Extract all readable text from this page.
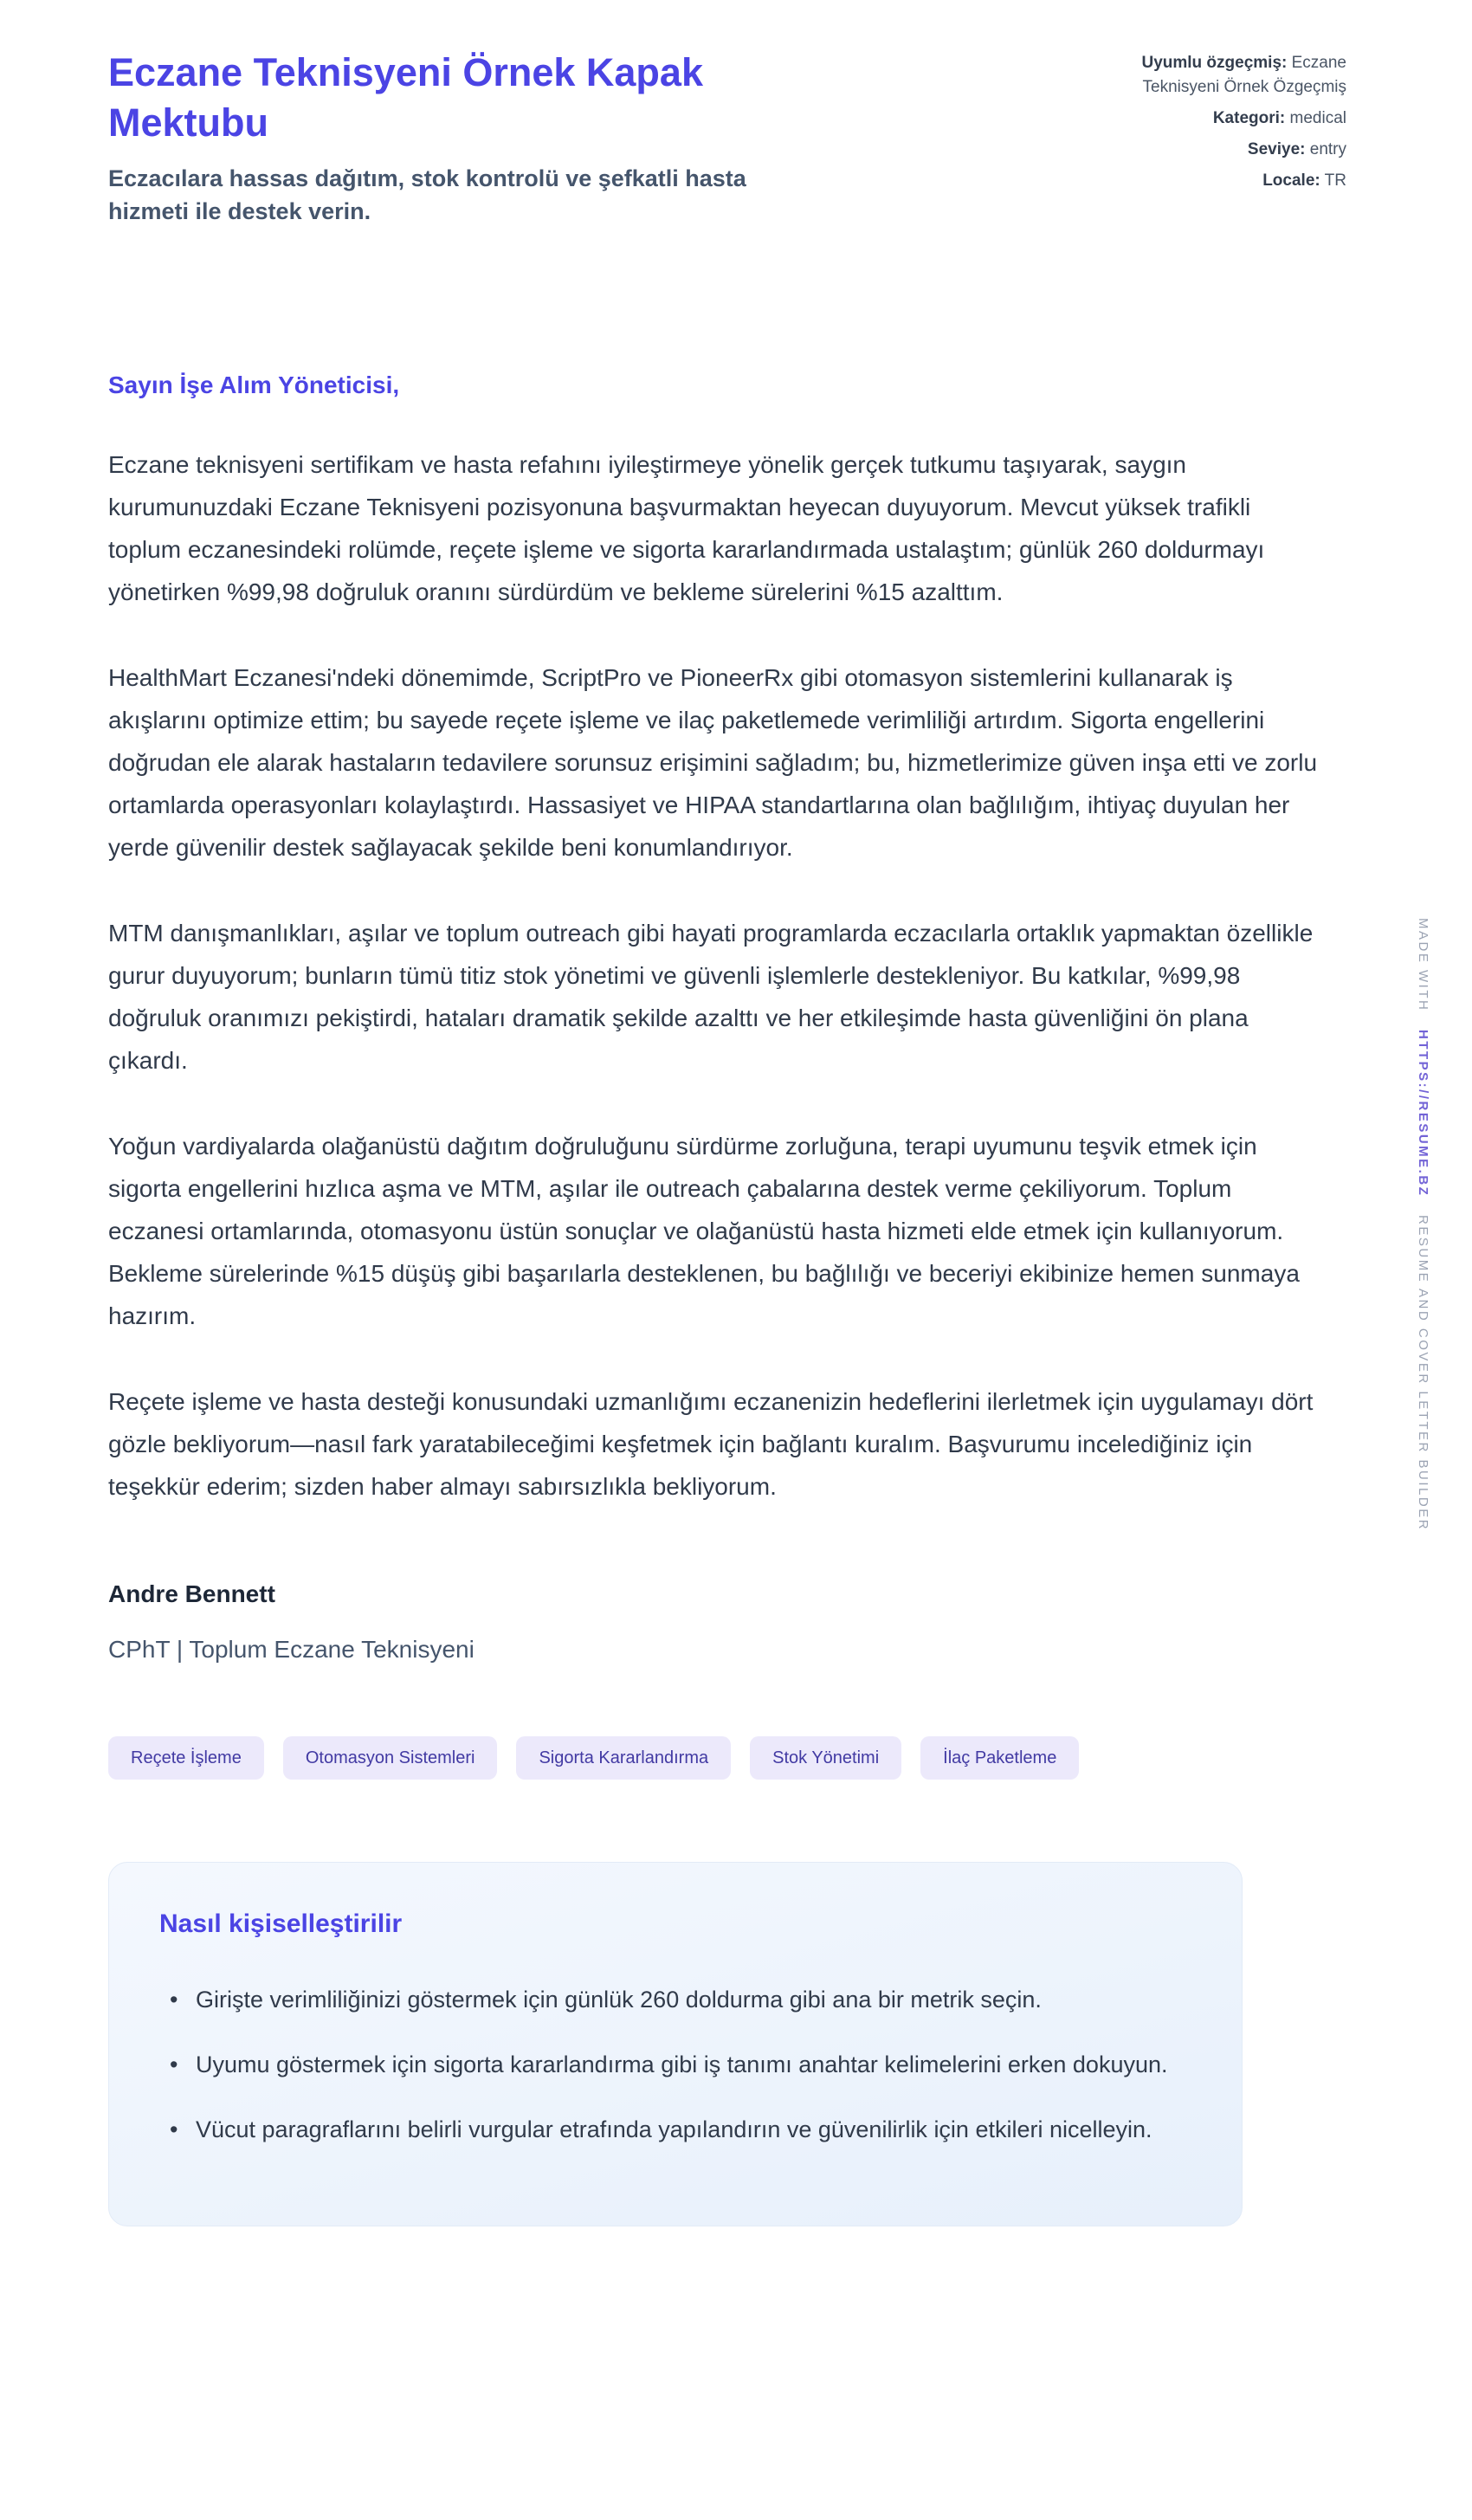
Eczane Teknisyeni Örnek Kapak Mektubu

Eczacılara hassas dağıtım, stok kontrolü ve şefkatli hasta hizmeti ile destek verin.

Uyumlu özgeçmiş: Eczane Teknisyeni Örnek Özgeçmiş
Kategori: medical
Seviye: entry
Locale: TR

Sayın İşe Alım Yöneticisi,

Eczane teknisyeni sertifikam ve hasta refahını iyileştirmeye yönelik gerçek tutkumu taşıyarak, saygın kurumunuzdaki Eczane Teknisyeni pozisyonuna başvurmaktan heyecan duyuyorum. Mevcut yüksek trafikli toplum eczanesindeki rolümde, reçete işleme ve sigorta kararlandırmada ustalaştım; günlük 260 doldurmayı yönetirken %99,98 doğruluk oranını sürdürdüm ve bekleme sürelerini %15 azalttım.

HealthMart Eczanesi'ndeki dönemimde, ScriptPro ve PioneerRx gibi otomasyon sistemlerini kullanarak iş akışlarını optimize ettim; bu sayede reçete işleme ve ilaç paketlemede verimliliği artırdım. Sigorta engellerini doğrudan ele alarak hastaların tedavilere sorunsuz erişimini sağladım; bu, hizmetlerimize güven inşa etti ve zorlu ortamlarda operasyonları kolaylaştırdı. Hassasiyet ve HIPAA standartlarına olan bağlılığım, ihtiyaç duyulan her yerde güvenilir destek sağlayacak şekilde beni konumlandırıyor.

MTM danışmanlıkları, aşılar ve toplum outreach gibi hayati programlarda eczacılarla ortaklık yapmaktan özellikle gurur duyuyorum; bunların tümü titiz stok yönetimi ve güvenli işlemlerle destekleniyor. Bu katkılar, %99,98 doğruluk oranımızı pekiştirdi, hataları dramatik şekilde azalttı ve her etkileşimde hasta güvenliğini ön plana çıkardı.

Yoğun vardiyalarda olağanüstü dağıtım doğruluğunu sürdürme zorluğuna, terapi uyumunu teşvik etmek için sigorta engellerini hızlıca aşma ve MTM, aşılar ile outreach çabalarına destek verme çekiliyorum. Toplum eczanesi ortamlarında, otomasyonu üstün sonuçlar ve olağanüstü hasta hizmeti elde etmek için kullanıyorum. Bekleme sürelerinde %15 düşüş gibi başarılarla desteklenen, bu bağlılığı ve beceriyi ekibinize hemen sunmaya hazırım.

Reçete işleme ve hasta desteği konusundaki uzmanlığımı eczanenizin hedeflerini ilerletmek için uygulamayı dört gözle bekliyorum—nasıl fark yaratabileceğimi keşfetmek için bağlantı kuralım. Başvurumu incelediğiniz için teşekkür ederim; sizden haber almayı sabırsızlıkla bekliyorum.

Andre Bennett
CPhT | Toplum Eczane Teknisyeni
Reçete İşleme	Otomasyon Sistemleri	Sigorta Kararlandırma	Stok Yönetimi	İlaç Paketleme
Nasıl kişiselleştirilir
• Girişte verimliliğinizi göstermek için günlük 260 doldurma gibi ana bir metrik seçin.
• Uyumu göstermek için sigorta kararlandırma gibi iş tanımı anahtar kelimelerini erken dokuyun.
• Vücut paragraflarını belirli vurgular etrafında yapılandırın ve güvenilirlik için etkileri nicelleyin.
MADE WITH HTTPS://RESUME.BZ RESUME AND COVER LETTER BUILDER
